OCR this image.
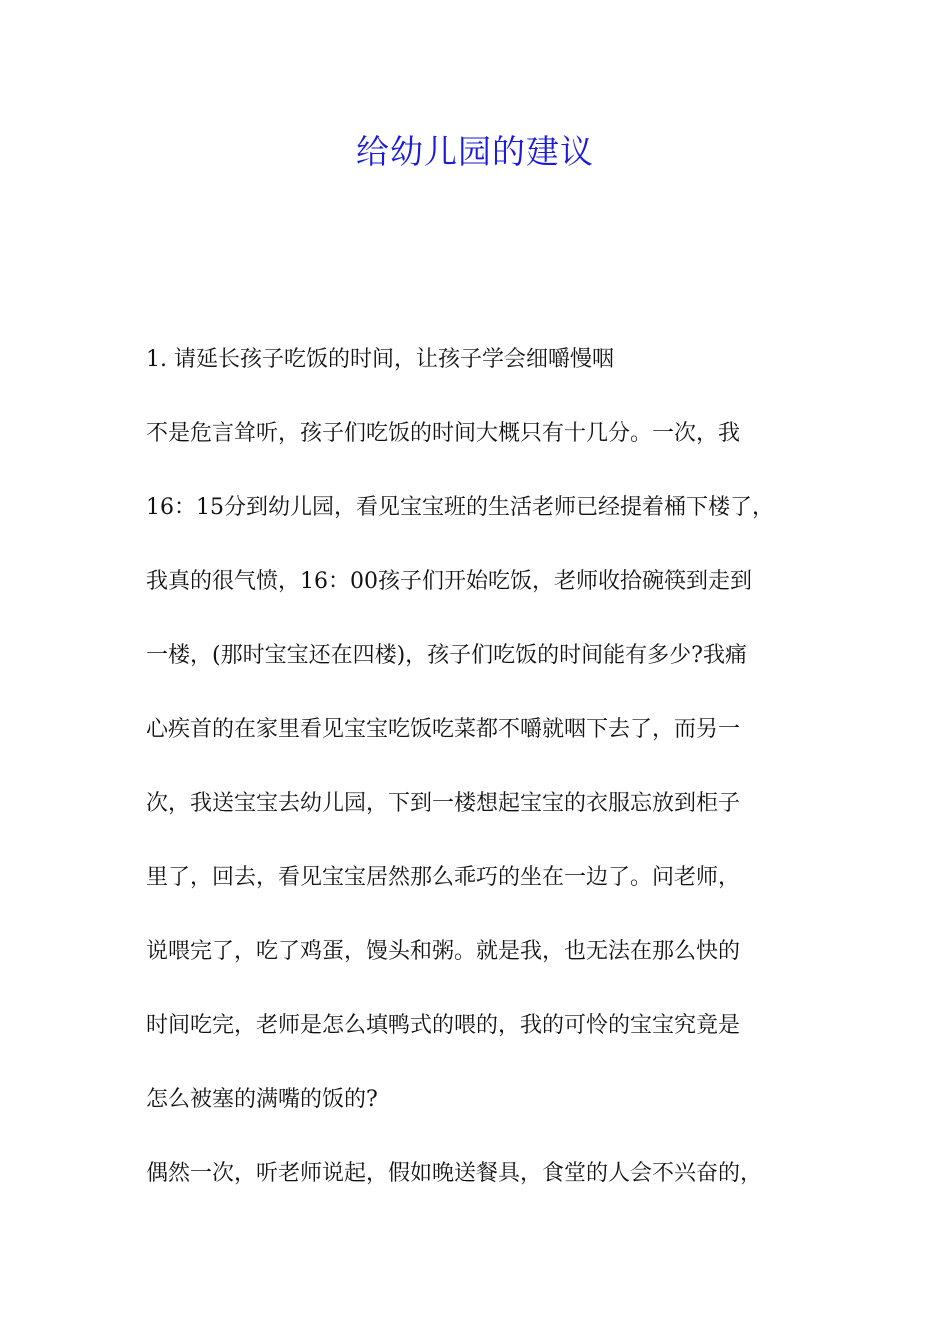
给幼儿园的建议
1. 请延长孩子吃饭的时间，让孩子学会细嚼慢咽
不是危言耸听，孩子们吃饭的时间大概只有十几分。一次，我
16：15分到幼儿园，看见宝宝班的生活老师已经提着桶下楼了，
我真的很气愤，16：00孩子们开始吃饭，老师收拾碗筷到走到
一楼，(那时宝宝还在四楼)，孩子们吃饭的时间能有多少?我痛
心疾首的在家里看见宝宝吃饭吃菜都不嚼就咽下去了，而另一
次，我送宝宝去幼儿园，下到一楼想起宝宝的衣服忘放到柜子
里了，回去，看见宝宝居然那么乖巧的坐在一边了。问老师，
说喂完了，吃了鸡蛋，馒头和粥。就是我，也无法在那么快的
时间吃完，老师是怎么填鸭式的喂的，我的可怜的宝宝究竟是
怎么被塞的满嘴的饭的?
偶然一次，听老师说起，假如晚送餐具，食堂的人会不兴奋的，
